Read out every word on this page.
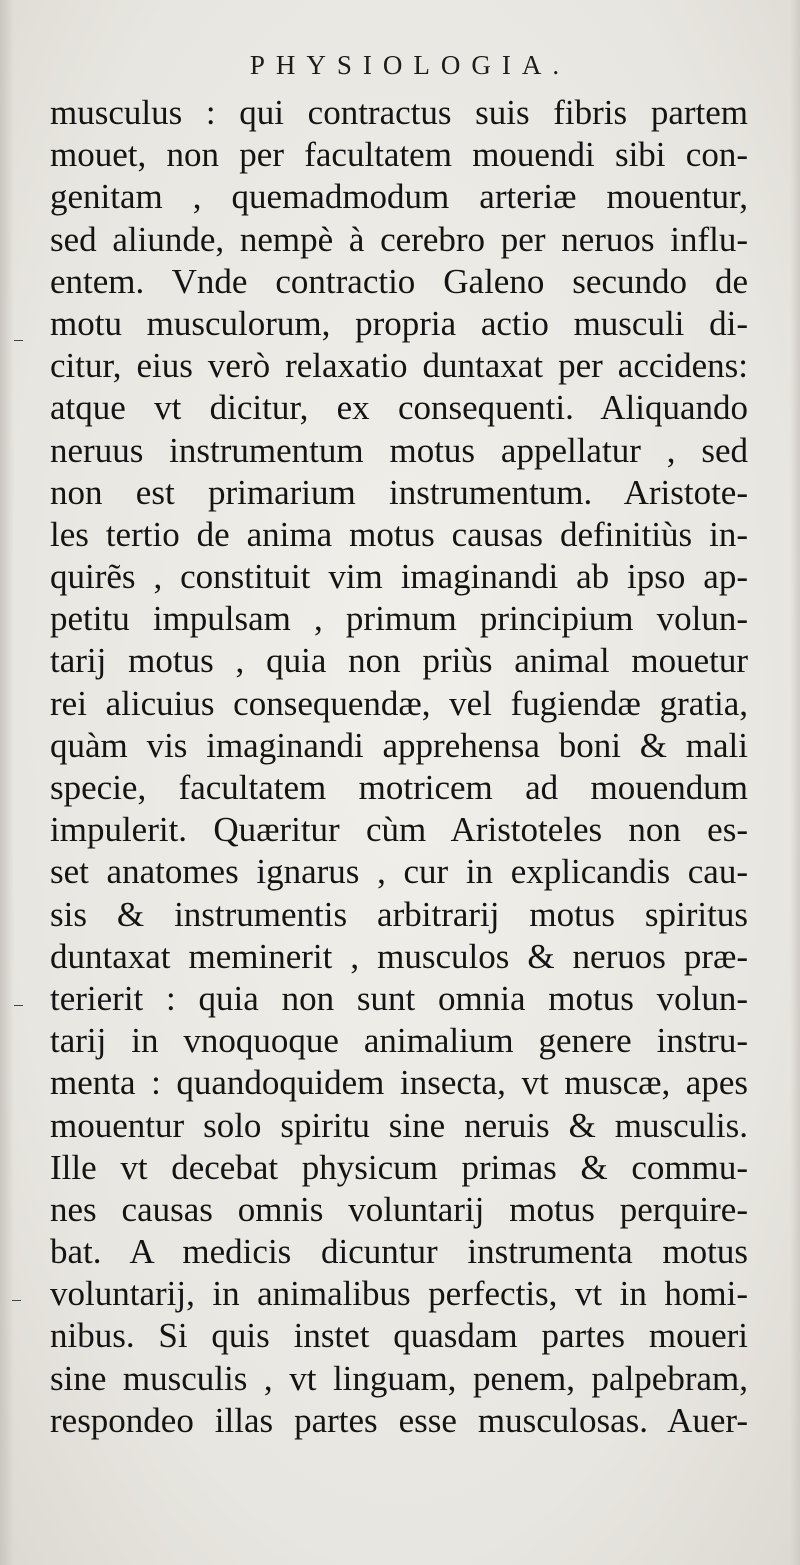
PHYSIOLOGIA.
musculus : qui contractus suis fibris partem
mouet, non per facultatem mouendi sibi con-
genitam , quemadmodum arteriæ mouentur,
sed aliunde, nempè à cerebro per neruos influ-
entem. Vnde contractio Galeno secundo de
motu musculorum, propria actio musculi di-
citur, eius verò relaxatio duntaxat per accidens:
atque vt dicitur, ex consequenti. Aliquando
neruus instrumentum motus appellatur , sed
non est primarium instrumentum. Aristote-
les tertio de anima motus causas definitiùs in-
quirẽs , constituit vim imaginandi ab ipso ap-
petitu impulsam , primum principium volun-
tarij motus , quia non priùs animal mouetur
rei alicuius consequendæ, vel fugiendæ gratia,
quàm vis imaginandi apprehensa boni & mali
specie, facultatem motricem ad mouendum
impulerit. Quæritur cùm Aristoteles non es-
set anatomes ignarus , cur in explicandis cau-
sis & instrumentis arbitrarij motus spiritus
duntaxat meminerit , musculos & neruos præ-
terierit : quia non sunt omnia motus volun-
tarij in vnoquoque animalium genere instru-
menta : quandoquidem insecta, vt muscæ, apes
mouentur solo spiritu sine neruis & musculis.
Ille vt decebat physicum primas & commu-
nes causas omnis voluntarij motus perquire-
bat. A medicis dicuntur instrumenta motus
voluntarij, in animalibus perfectis, vt in homi-
nibus. Si quis instet quasdam partes moueri
sine musculis , vt linguam, penem, palpebram,
respondeo illas partes esse musculosas. Auer-
